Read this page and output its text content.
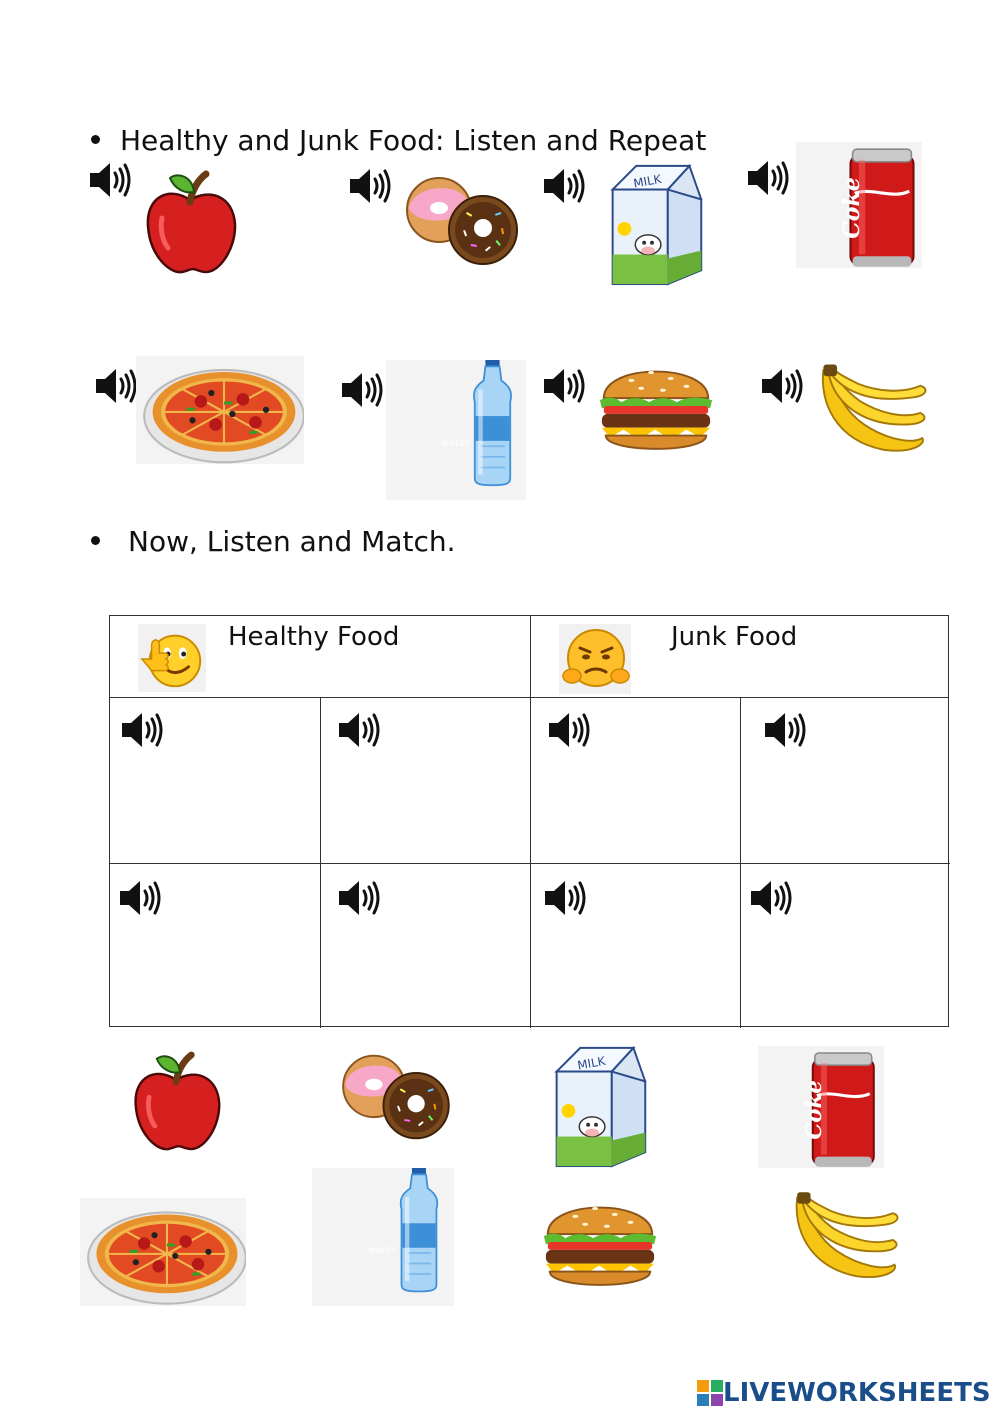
Healthy and Junk Food: Listen and Repeat
MILK	Coke
water
Now, Listen and Match.
Healthy Food	Junk Food
MILK
Coke
water
LIVEWORKSHEETS
